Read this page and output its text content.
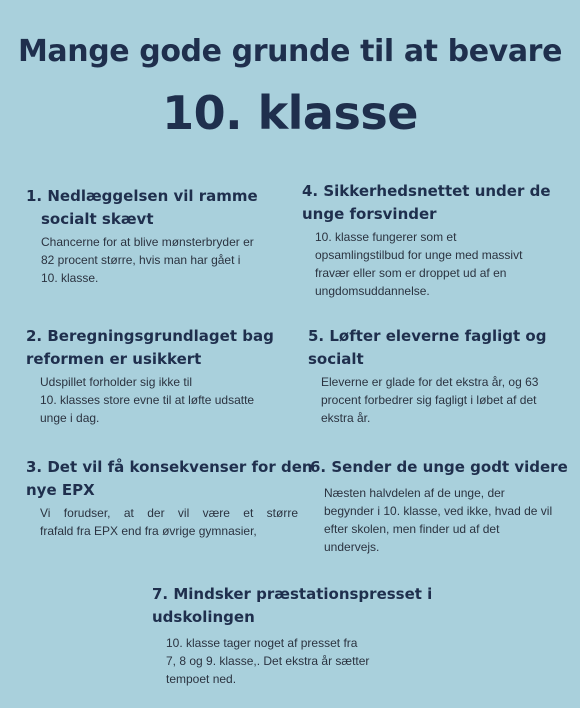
Mange gode grunde til at bevare
10. klasse
1. Nedlæggelsen vil ramme
socialt skævt

Chancerne for at blive mønsterbryder er
82 procent større, hvis man har gået i
10. klasse.

2. Beregningsgrundlaget bag
reformen er usikkert

Udspillet forholder sig ikke til
10. klasses store evne til at løfte udsatte
unge i dag.

3. Det vil få konsekvenser for den
nye EPX

Vi forudser, at der vil være et større
frafald fra EPX end fra øvrige gymnasier,

4. Sikkerhedsnettet under de
unge forsvinder

10. klasse fungerer som et
opsamlingstilbud for unge med massivt
fravær eller som er droppet ud af en
ungdomsuddannelse.

5. Løfter eleverne fagligt og
socialt

Eleverne er glade for det ekstra år, og 63
procent forbedrer sig fagligt i løbet af det
ekstra år.

6. Sender de unge godt videre

Næsten halvdelen af de unge, der
begynder i 10. klasse, ved ikke, hvad de vil
efter skolen, men finder ud af det
undervejs.

7. Mindsker præstationspresset i
udskolingen

10. klasse tager noget af presset fra
7, 8 og 9. klasse,. Det ekstra år sætter
tempoet ned.
